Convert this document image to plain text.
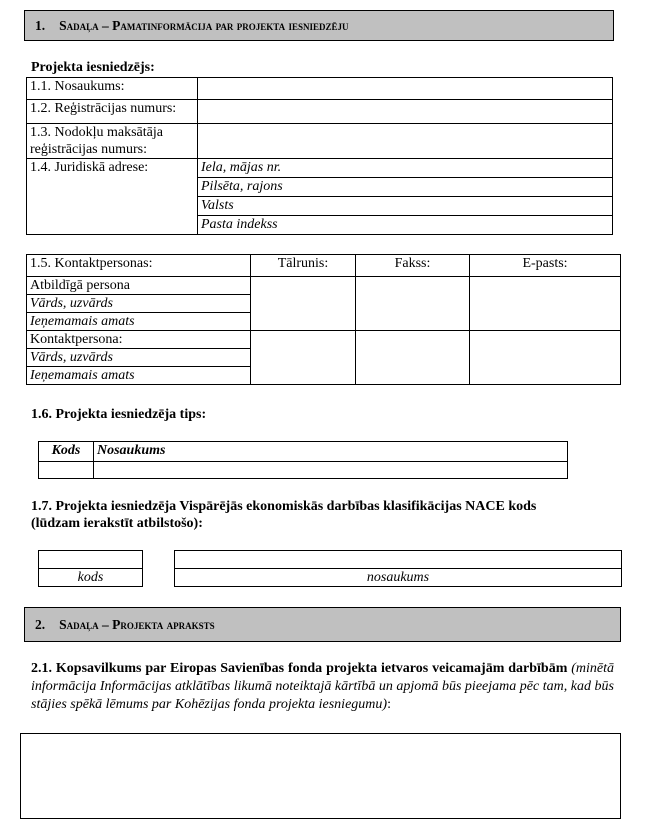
1. Sadaļa – Pamatinformācija par projekta iesniedzēju
Projekta iesniedzējs:
1.1. Nosaukums:	
1.2. Reģistrācijas numurs:	
1.3. Nodokļu maksātāja reģistrācijas numurs:	
1.4. Juridiskā adrese:	Iela, mājas nr.
	Pilsēta, rajons
	Valsts
	Pasta indekss
1.5. Kontaktpersonas:	Tālrunis:	Fakss:	E-pasts:
Atbildīgā persona			
Vārds, uzvārds			
Ieņemamais amats			
Kontaktpersona:			
Vārds, uzvārds			
Ieņemamais amats			
1.6. Projekta iesniedzēja tips:
Kods	Nosaukums

1.7. Projekta iesniedzēja Vispārējās ekonomiskās darbības klasifikācijas NACE kods
(lūdzam ierakstīt atbilstošo):
kods	nosaukums
2. Sadaļa – Projekta apraksts
2.1. Kopsavilkums par Eiropas Savienības fonda projekta ietvaros veicamajām darbībām (minētā informācija Informācijas atklātības likumā noteiktajā kārtībā un apjomā būs pieejama pēc tam, kad būs stājies spēkā lēmums par Kohēzijas fonda projekta iesniegumu):
